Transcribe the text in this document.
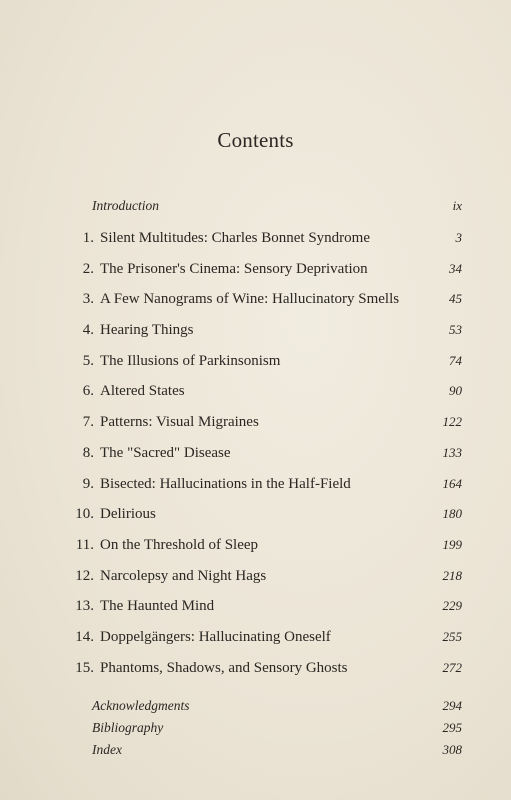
Contents
Introduction	ix
1. Silent Multitudes: Charles Bonnet Syndrome	3
2. The Prisoner's Cinema: Sensory Deprivation	34
3. A Few Nanograms of Wine: Hallucinatory Smells	45
4. Hearing Things	53
5. The Illusions of Parkinsonism	74
6. Altered States	90
7. Patterns: Visual Migraines	122
8. The "Sacred" Disease	133
9. Bisected: Hallucinations in the Half-Field	164
10. Delirious	180
11. On the Threshold of Sleep	199
12. Narcolepsy and Night Hags	218
13. The Haunted Mind	229
14. Doppelgängers: Hallucinating Oneself	255
15. Phantoms, Shadows, and Sensory Ghosts	272
Acknowledgments	294
Bibliography	295
Index	308
